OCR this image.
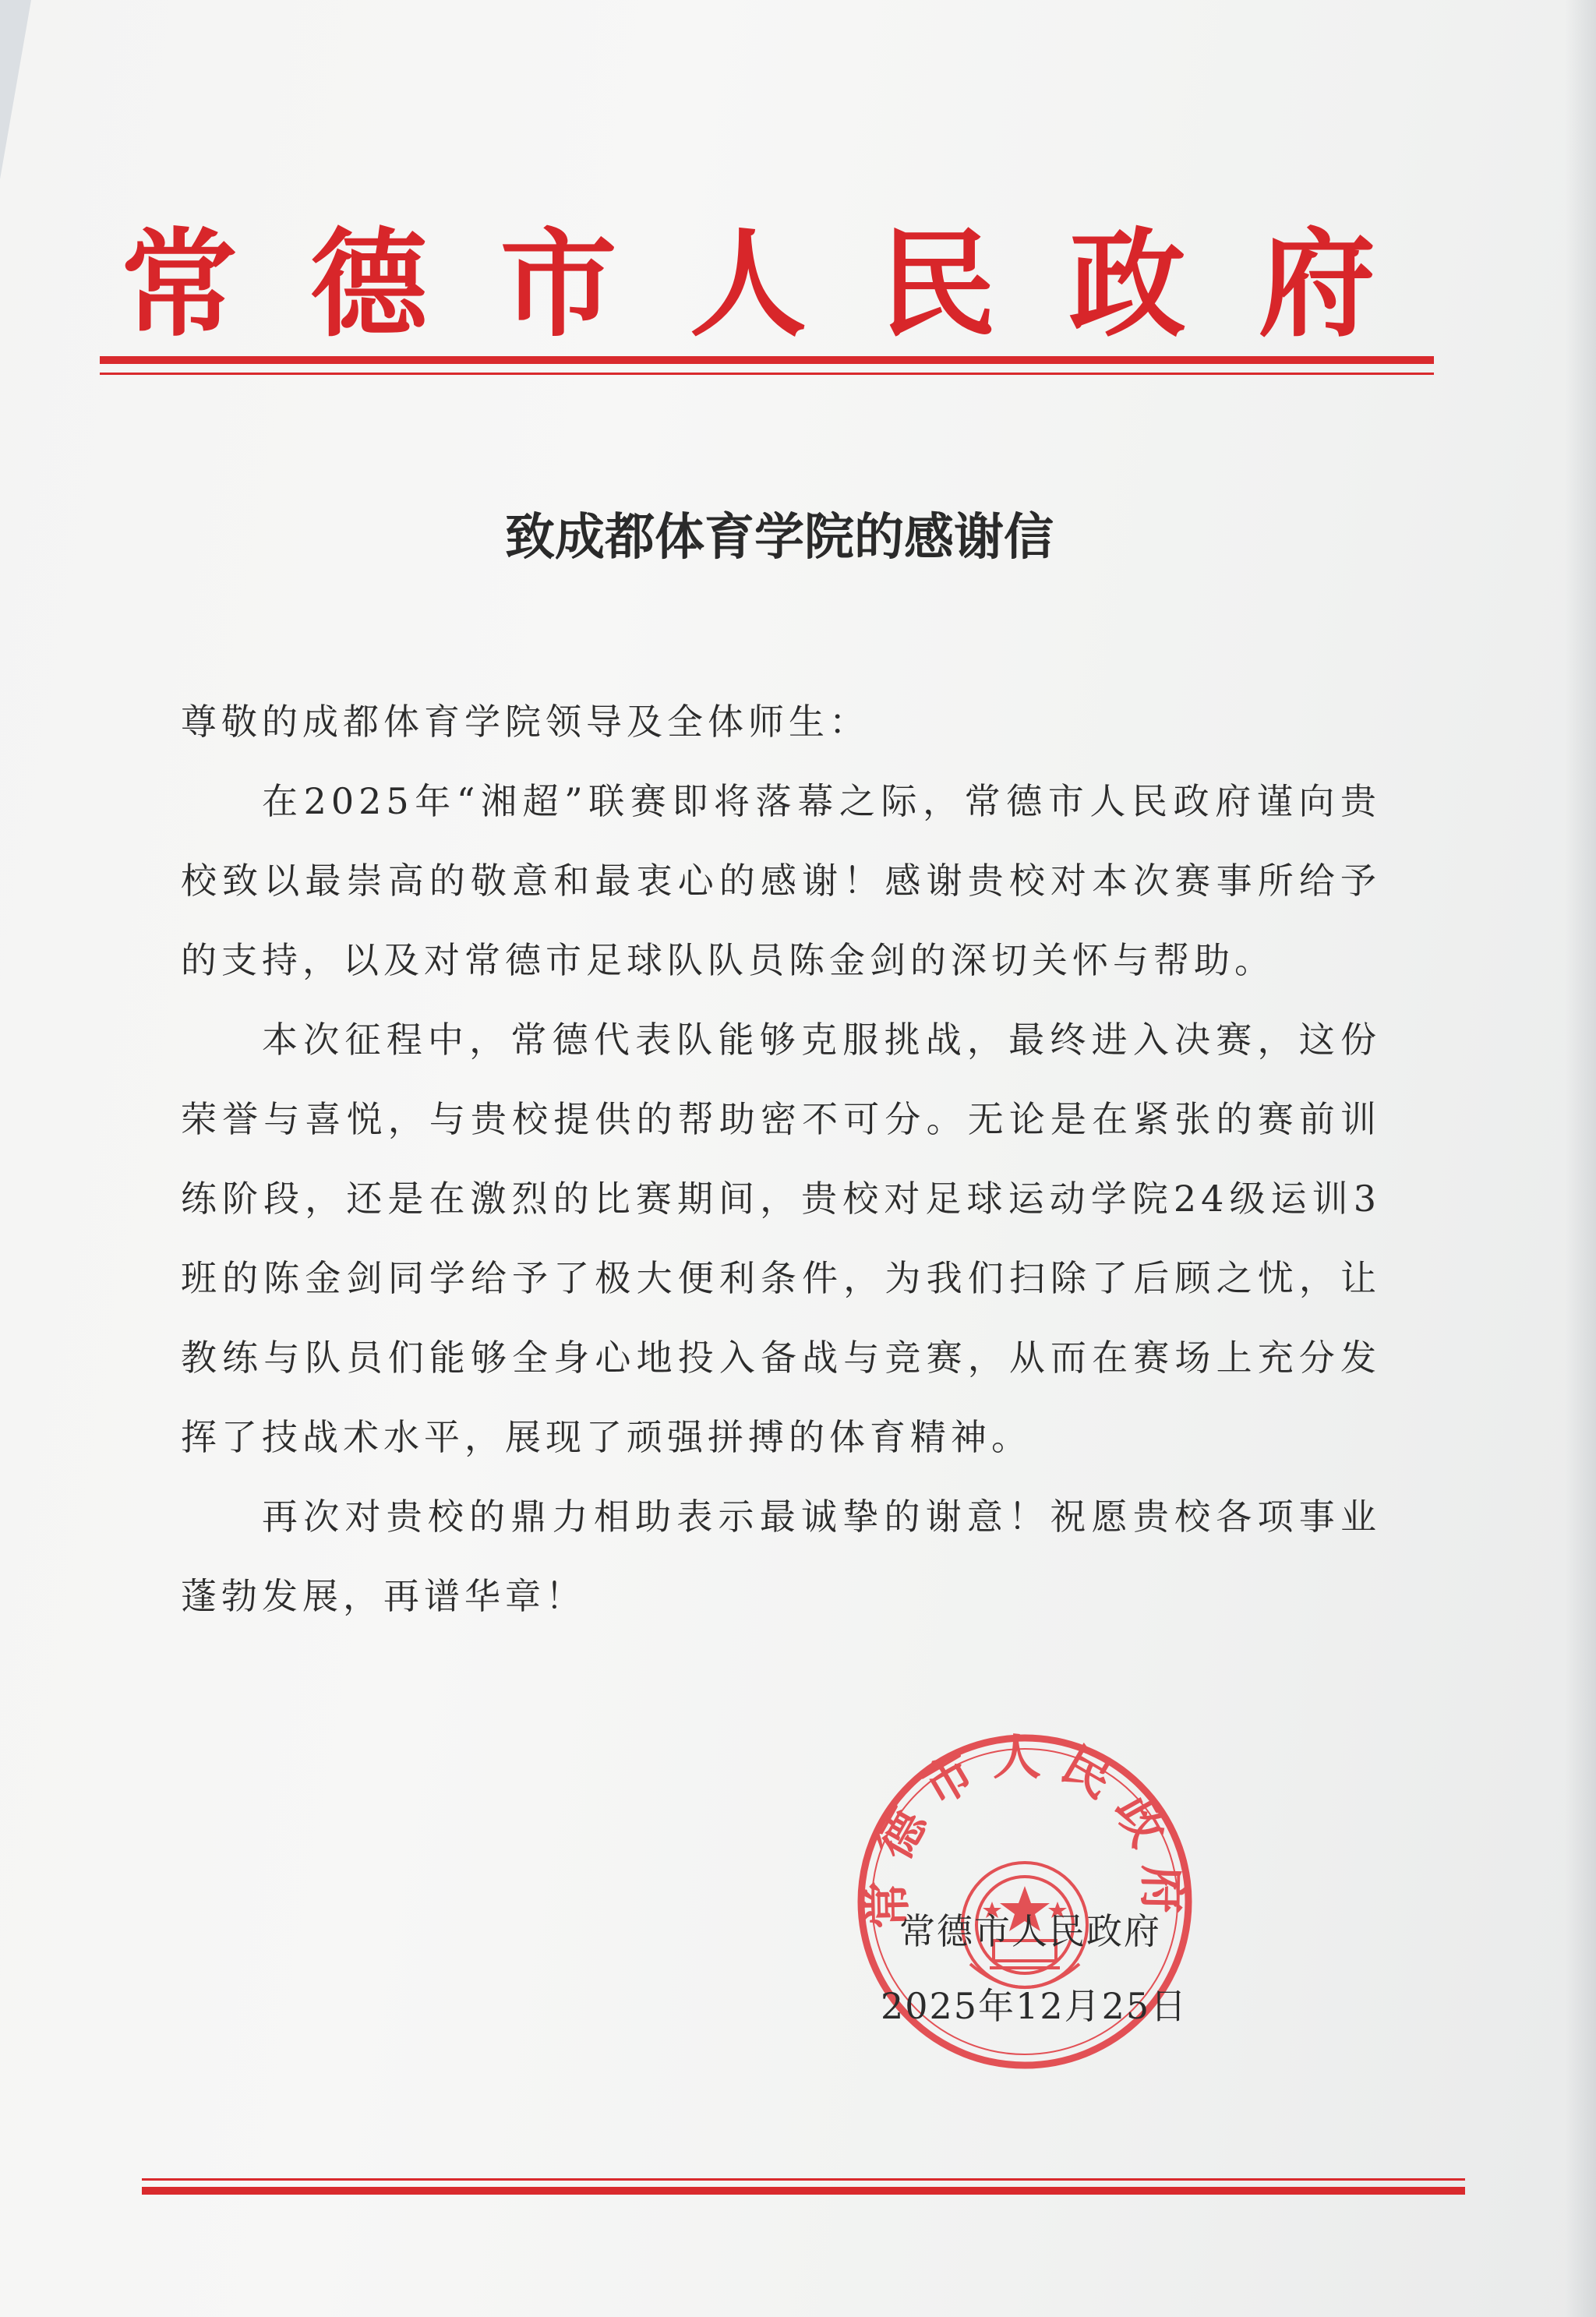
常 德 市 人 民 政 府
致成都体育学院的感谢信

尊敬的成都体育学院领导及全体师生：

在2025年“湘超”联赛即将落幕之际，常德市人民政府谨向贵校致以最崇高的敬意和最衷心的感谢！感谢贵校对本次赛事所给予的支持，以及对常德市足球队队员陈金剑的深切关怀与帮助。

本次征程中，常德代表队能够克服挑战，最终进入决赛，这份荣誉与喜悦，与贵校提供的帮助密不可分。无论是在紧张的赛前训练阶段，还是在激烈的比赛期间，贵校对足球运动学院24级运训3班的陈金剑同学给予了极大便利条件，为我们扫除了后顾之忧，让教练与队员们能够全身心地投入备战与竞赛，从而在赛场上充分发挥了技战术水平，展现了顽强拼搏的体育精神。

再次对贵校的鼎力相助表示最诚挚的谢意！祝愿贵校各项事业蓬勃发展，再谱华章！

常德市人民政府
常德市人民政府
2025年12月25日
